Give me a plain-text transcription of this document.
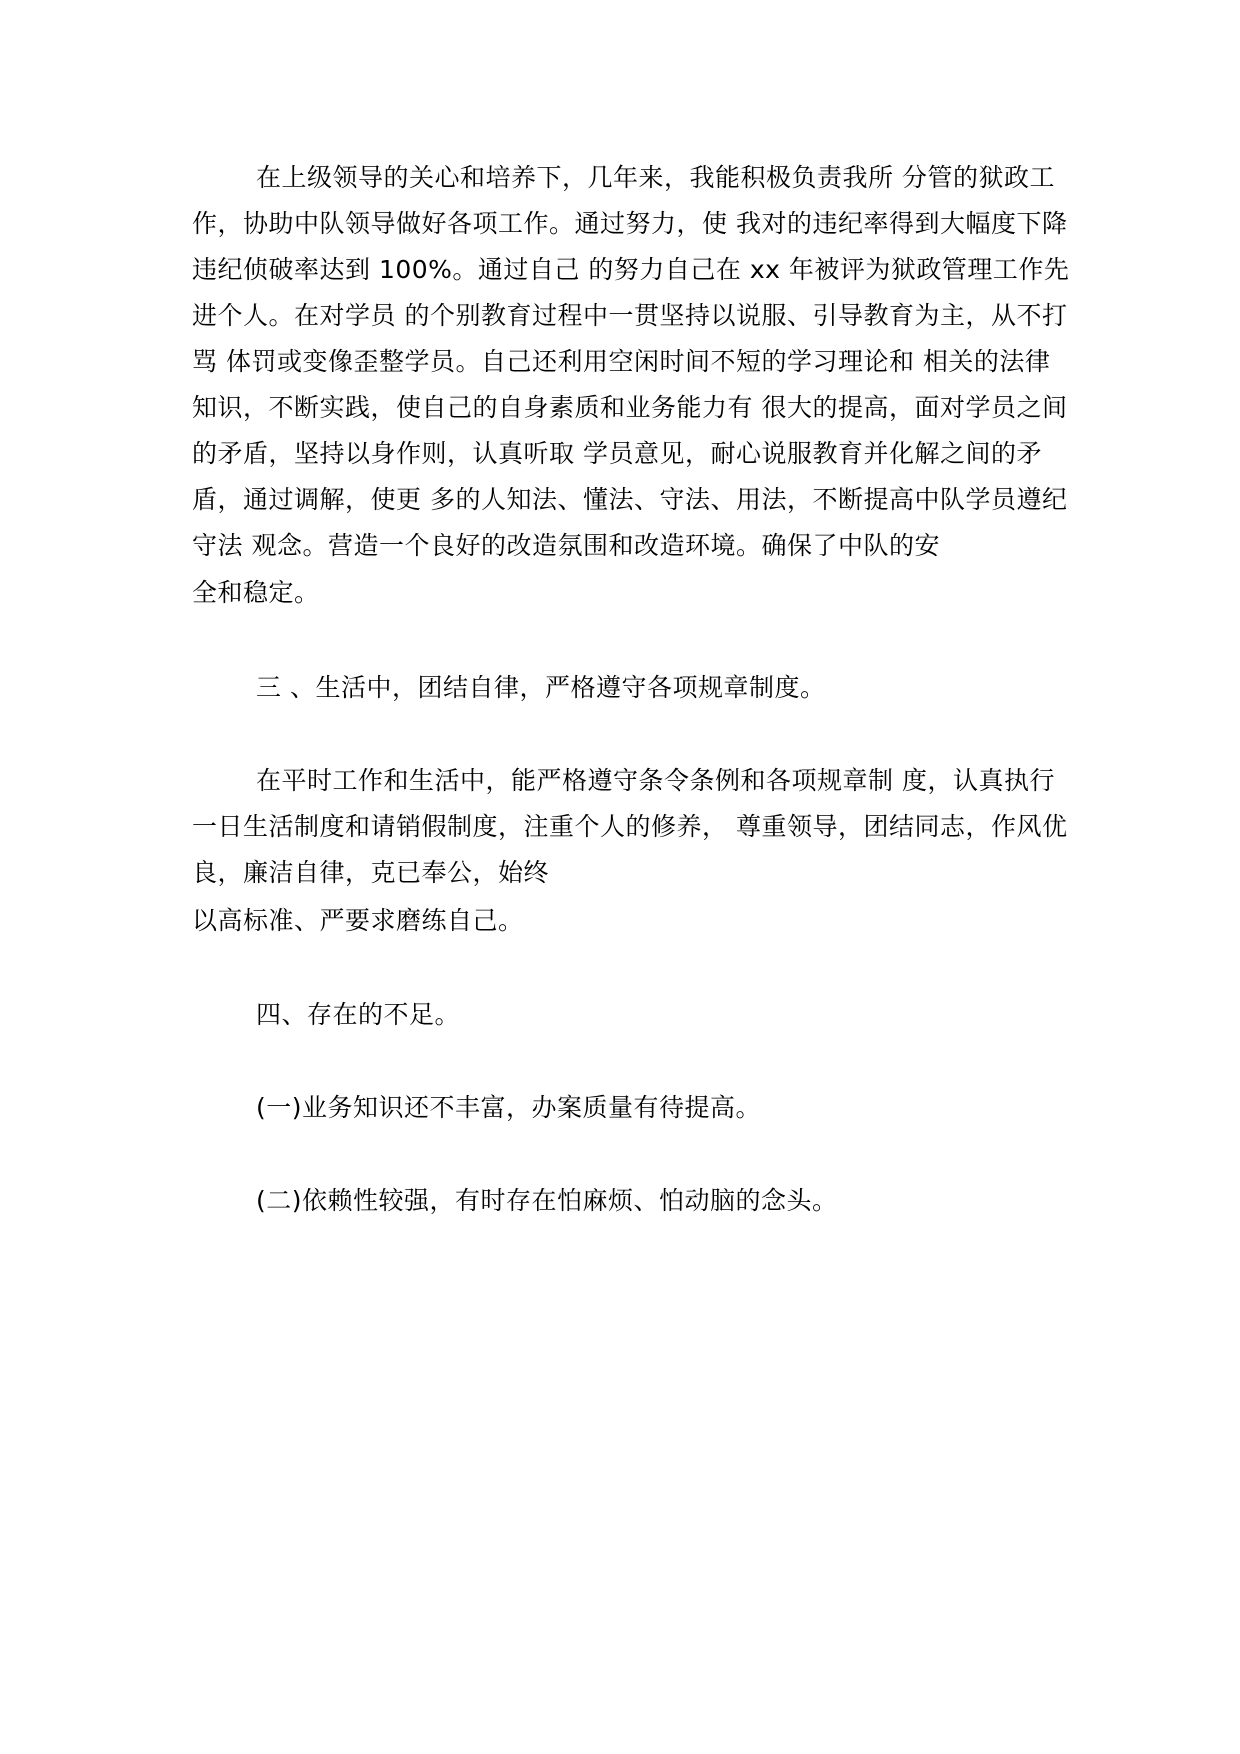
在上级领导的关心和培养下，几年来，我能积极负责我所 分管的狱政工作，协助中队领导做好各项工作。通过努力，使 我对的违纪率得到大幅度下降违纪侦破率达到 100%。通过自己 的努力自己在 xx 年被评为狱政管理工作先进个人。在对学员 的个别教育过程中一贯坚持以说服、引导教育为主，从不打骂 体罚或变像歪整学员。自己还利用空闲时间不短的学习理论和 相关的法律知识，不断实践，使自己的自身素质和业务能力有 很大的提高，面对学员之间的矛盾，坚持以身作则，认真听取 学员意见，耐心说服教育并化解之间的矛盾，通过调解，使更 多的人知法、懂法、守法、用法，不断提高中队学员遵纪守法 观念。营造一个良好的改造氛围和改造环境。确保了中队的安

全和稳定。

三 、生活中，团结自律，严格遵守各项规章制度。

在平时工作和生活中，能严格遵守条令条例和各项规章制 度，认真执行一日生活制度和请销假制度，注重个人的修养， 尊重领导，团结同志，作风优良，廉洁自律，克已奉公，始终

以高标准、严要求磨练自己。

四、存在的不足。

(一)业务知识还不丰富，办案质量有待提高。

(二)依赖性较强，有时存在怕麻烦、怕动脑的念头。
